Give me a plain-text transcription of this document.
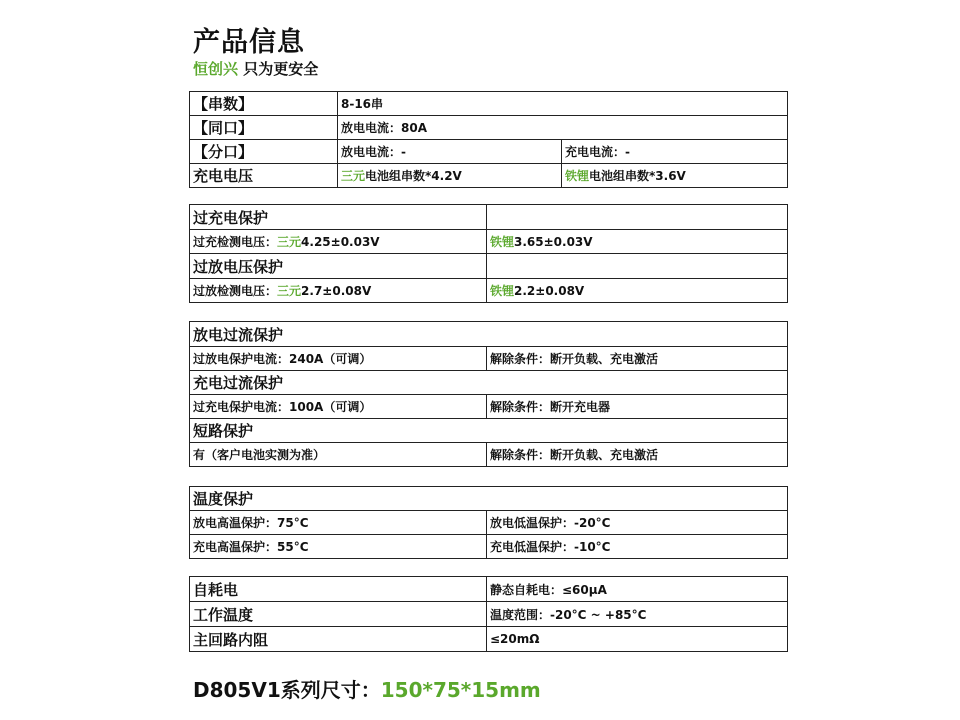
产品信息
恒创兴 只为更安全
【串数】	8-16串	
【同口】	放电电流：80A	
【分口】	放电电流：-	充电电流：-
充电电压	三元电池组串数*4.2V	铁锂电池组串数*3.6V
过充电保护	
过充检测电压：三元4.25±0.03V	铁锂3.65±0.03V
过放电压保护	
过放检测电压：三元2.7±0.08V	铁锂2.2±0.08V
放电过流保护	
过放电保护电流：240A（可调）	解除条件：断开负载、充电激活
充电过流保护	
过充电保护电流：100A（可调）	解除条件：断开充电器
短路保护	
有（客户电池实测为准）	解除条件：断开负载、充电激活
温度保护	
放电高温保护：75°C	放电低温保护：-20°C
充电高温保护：55°C	充电低温保护：-10°C
自耗电	静态自耗电：≤60μA
工作温度	温度范围：-20°C ~ +85°C
主回路内阻	≤20mΩ
D805V1系列尺寸：150*75*15mm
